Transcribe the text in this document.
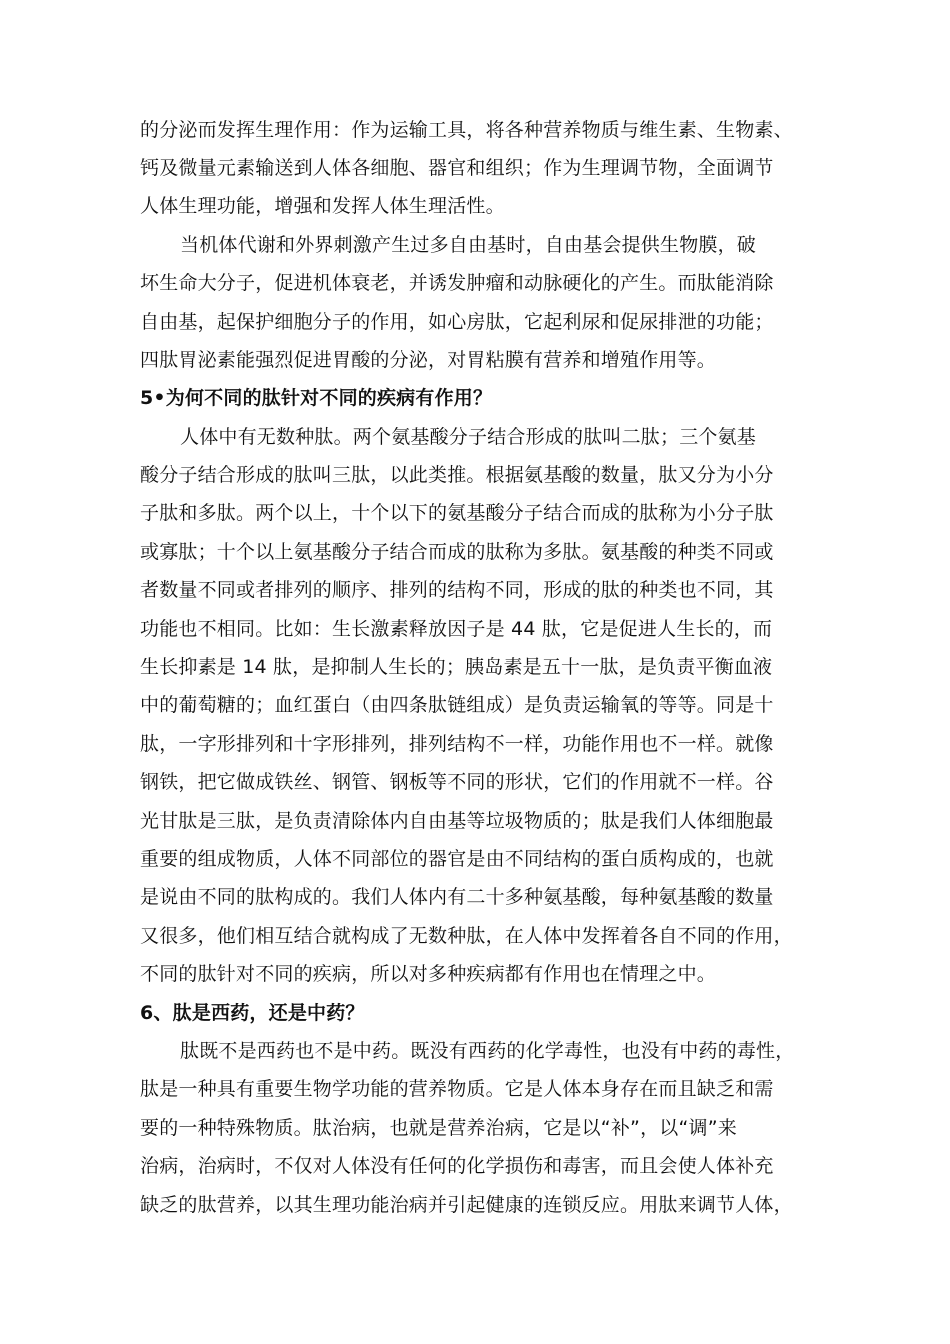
的分泌而发挥生理作用：作为运输工具，将各种营养物质与维生素、生物素、
钙及微量元素输送到人体各细胞、器官和组织；作为生理调节物，全面调节
人体生理功能，增强和发挥人体生理活性。
当机体代谢和外界刺激产生过多自由基时，自由基会提供生物膜，破
坏生命大分子，促进机体衰老，并诱发肿瘤和动脉硬化的产生。而肽能消除
自由基，起保护细胞分子的作用，如心房肽，它起利尿和促尿排泄的功能；
四肽胃泌素能强烈促进胃酸的分泌，对胃粘膜有营养和增殖作用等。
5•为何不同的肽针对不同的疾病有作用？
人体中有无数种肽。两个氨基酸分子结合形成的肽叫二肽；三个氨基
酸分子结合形成的肽叫三肽，以此类推。根据氨基酸的数量，肽又分为小分
子肽和多肽。两个以上，十个以下的氨基酸分子结合而成的肽称为小分子肽
或寡肽；十个以上氨基酸分子结合而成的肽称为多肽。氨基酸的种类不同或
者数量不同或者排列的顺序、排列的结构不同，形成的肽的种类也不同，其
功能也不相同。比如：生长激素释放因子是 44 肽，它是促进人生长的，而
生长抑素是 14 肽，是抑制人生长的；胰岛素是五十一肽，是负责平衡血液
中的葡萄糖的；血红蛋白（由四条肽链组成）是负责运输氧的等等。同是十
肽，一字形排列和十字形排列，排列结构不一样，功能作用也不一样。就像
钢铁，把它做成铁丝、钢管、钢板等不同的形状，它们的作用就不一样。谷
光甘肽是三肽，是负责清除体内自由基等垃圾物质的；肽是我们人体细胞最
重要的组成物质，人体不同部位的器官是由不同结构的蛋白质构成的，也就
是说由不同的肽构成的。我们人体内有二十多种氨基酸，每种氨基酸的数量
又很多，他们相互结合就构成了无数种肽，在人体中发挥着各自不同的作用，
不同的肽针对不同的疾病，所以对多种疾病都有作用也在情理之中。
6、肽是西药，还是中药？
肽既不是西药也不是中药。既没有西药的化学毒性，也没有中药的毒性，
肽是一种具有重要生物学功能的营养物质。它是人体本身存在而且缺乏和需
要的一种特殊物质。肽治病，也就是营养治病，它是以“补”，以“调”来
治病，治病时，不仅对人体没有任何的化学损伤和毒害，而且会使人体补充
缺乏的肽营养，以其生理功能治病并引起健康的连锁反应。用肽来调节人体，
